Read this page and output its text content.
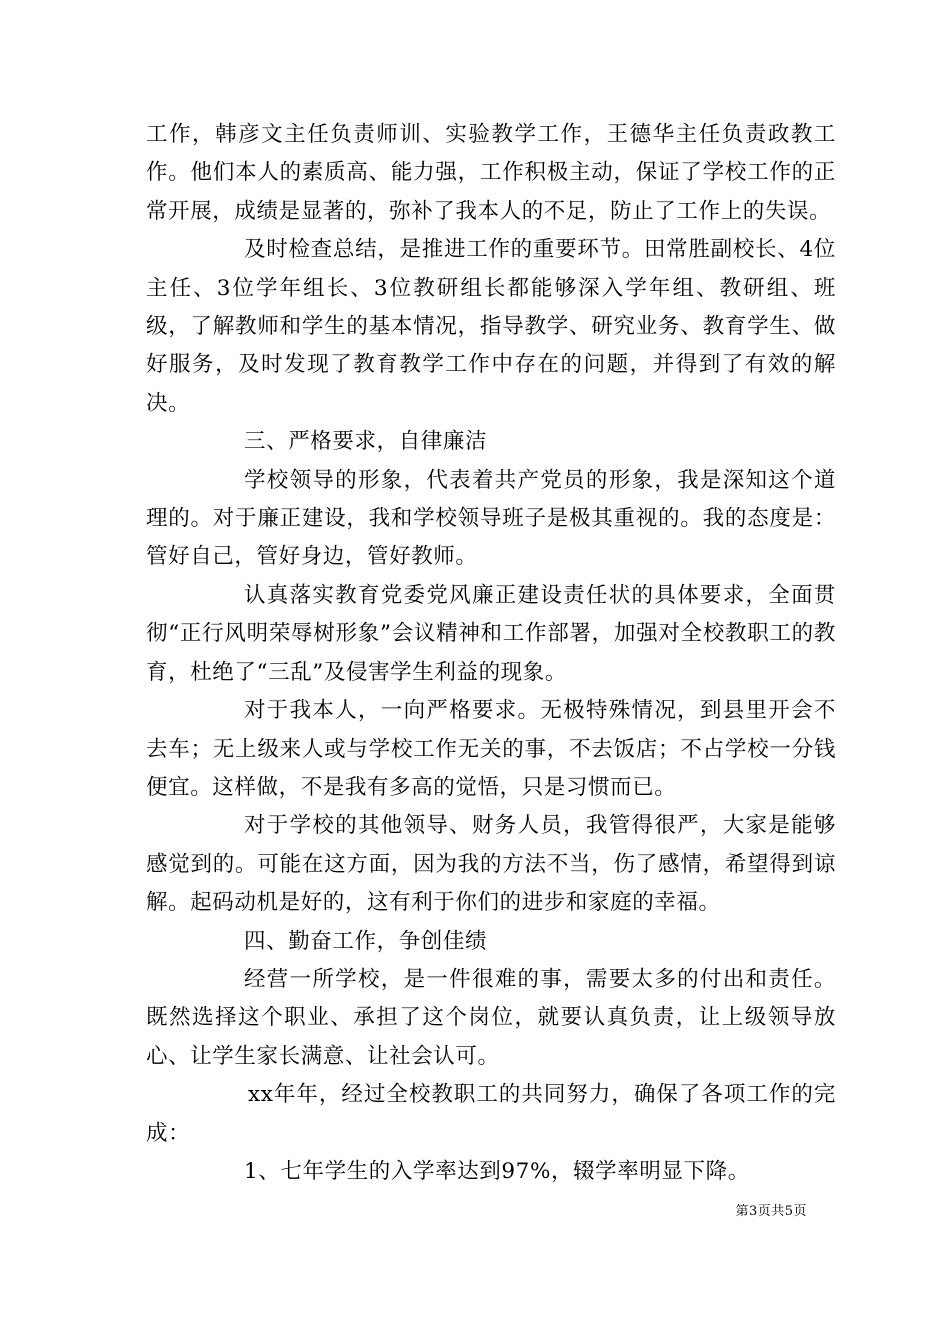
工作，韩彦文主任负责师训、实验教学工作，王德华主任负责政教工作。他们本人的素质高、能力强，工作积极主动，保证了学校工作的正常开展，成绩是显著的，弥补了我本人的不足，防止了工作上的失误。

及时检查总结，是推进工作的重要环节。田常胜副校长、4位主任、3位学年组长、3位教研组长都能够深入学年组、教研组、班级，了解教师和学生的基本情况，指导教学、研究业务、教育学生、做好服务，及时发现了教育教学工作中存在的问题，并得到了有效的解决。

三、严格要求，自律廉洁

学校领导的形象，代表着共产党员的形象，我是深知这个道理的。对于廉正建设，我和学校领导班子是极其重视的。我的态度是：管好自己，管好身边，管好教师。

认真落实教育党委党风廉正建设责任状的具体要求，全面贯彻“正行风明荣辱树形象”会议精神和工作部署，加强对全校教职工的教育，杜绝了“三乱”及侵害学生利益的现象。

对于我本人，一向严格要求。无极特殊情况，到县里开会不去车；无上级来人或与学校工作无关的事，不去饭店；不占学校一分钱便宜。这样做，不是我有多高的觉悟，只是习惯而已。

对于学校的其他领导、财务人员，我管得很严，大家是能够感觉到的。可能在这方面，因为我的方法不当，伤了感情，希望得到谅解。起码动机是好的，这有利于你们的进步和家庭的幸福。

四、勤奋工作，争创佳绩

经营一所学校，是一件很难的事，需要太多的付出和责任。既然选择这个职业、承担了这个岗位，就要认真负责，让上级领导放心、让学生家长满意、让社会认可。

xx年年，经过全校教职工的共同努力，确保了各项工作的完成：

1、七年学生的入学率达到97%，辍学率明显下降。

第3页共5页
